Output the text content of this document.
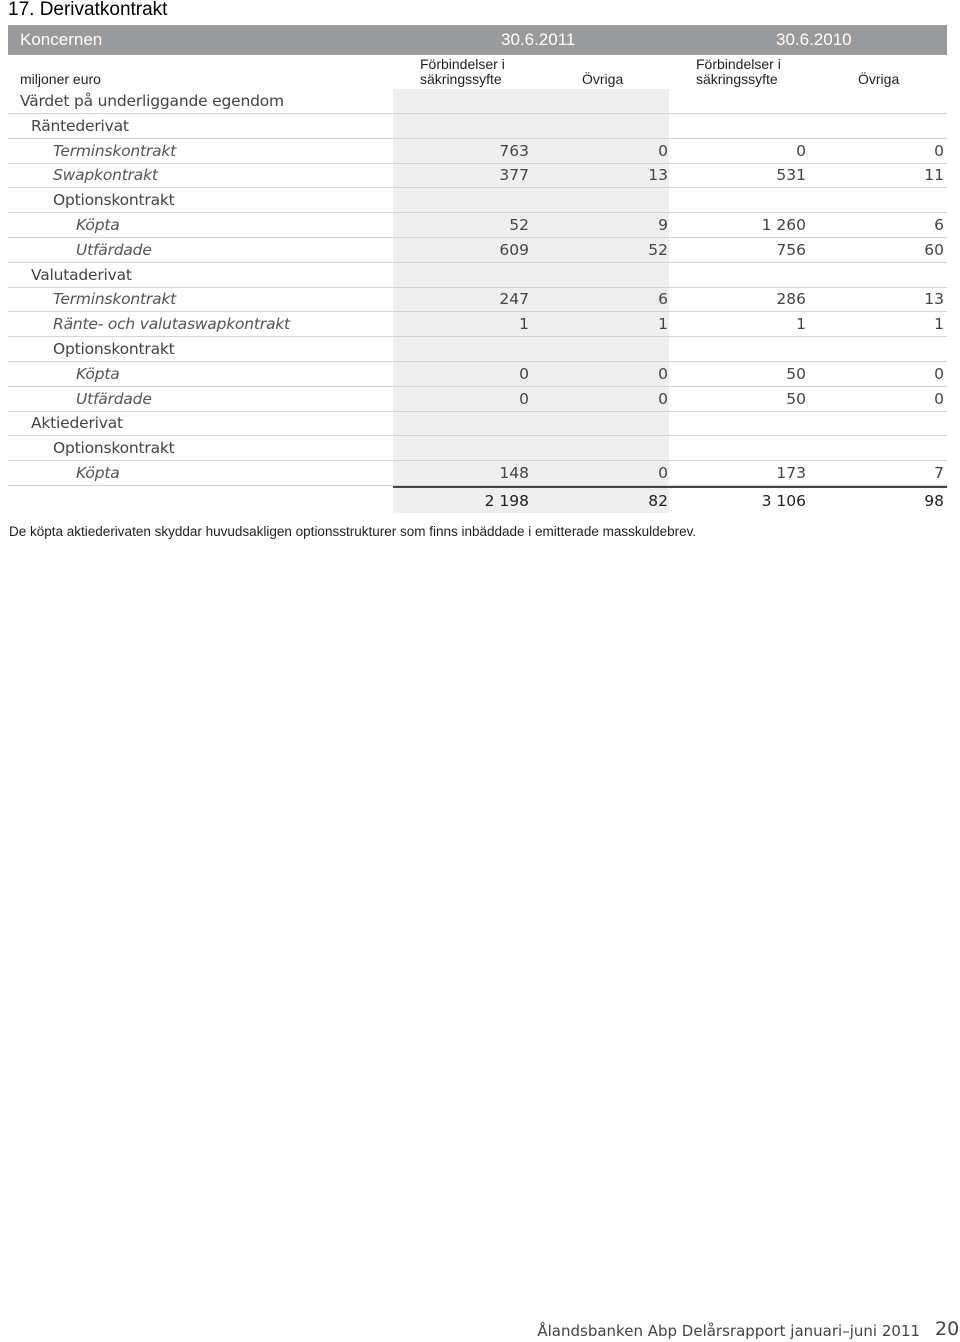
17. Derivatkontrakt
Koncernen	30.6.2011	30.6.2010
miljoner euro
Förbindelser i
säkringssyfte	Övriga
Förbindelser i
säkringssyfte	Övriga
Värdet på underliggande egendom
Räntederivat
Terminskontrakt	763	0	0	0
Swapkontrakt	377	13	531	11
Optionskontrakt
Köpta	52	9	1 260	6
Utfärdade	609	52	756	60
Valutaderivat
Terminskontrakt	247	6	286	13
Ränte- och valutaswapkontrakt	1	1	1	1
Optionskontrakt
Köpta	0	0	50	0
Utfärdade	0	0	50	0
Aktiederivat
Optionskontrakt
Köpta	148	0	173	7
2 198	82	3 106	98
De köpta aktiederivaten skyddar huvudsakligen optionsstrukturer som finns inbäddade i emitterade masskuldebrev.
Ålandsbanken Abp Delårsrapport januari–juni 2011 20
